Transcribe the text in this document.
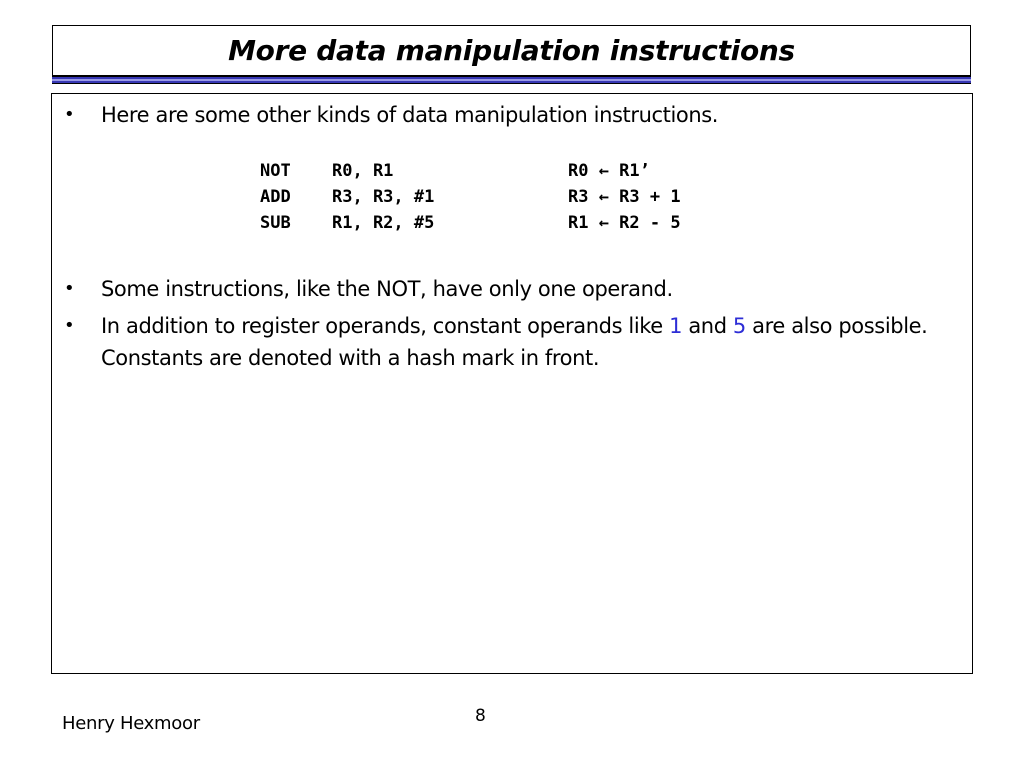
More data manipulation instructions
• Here are some other kinds of data manipulation instructions.
NOT	R0, R1	R0 ← R1’
ADD	R3, R3, #1	R3 ← R3 + 1
SUB	R1, R2, #5	R1 ← R2 - 5
• Some instructions, like the NOT, have only one operand.
• In addition to register operands, constant operands like 1 and 5 are also possible. Constants are denoted with a hash mark in front.
Henry Hexmoor	8
